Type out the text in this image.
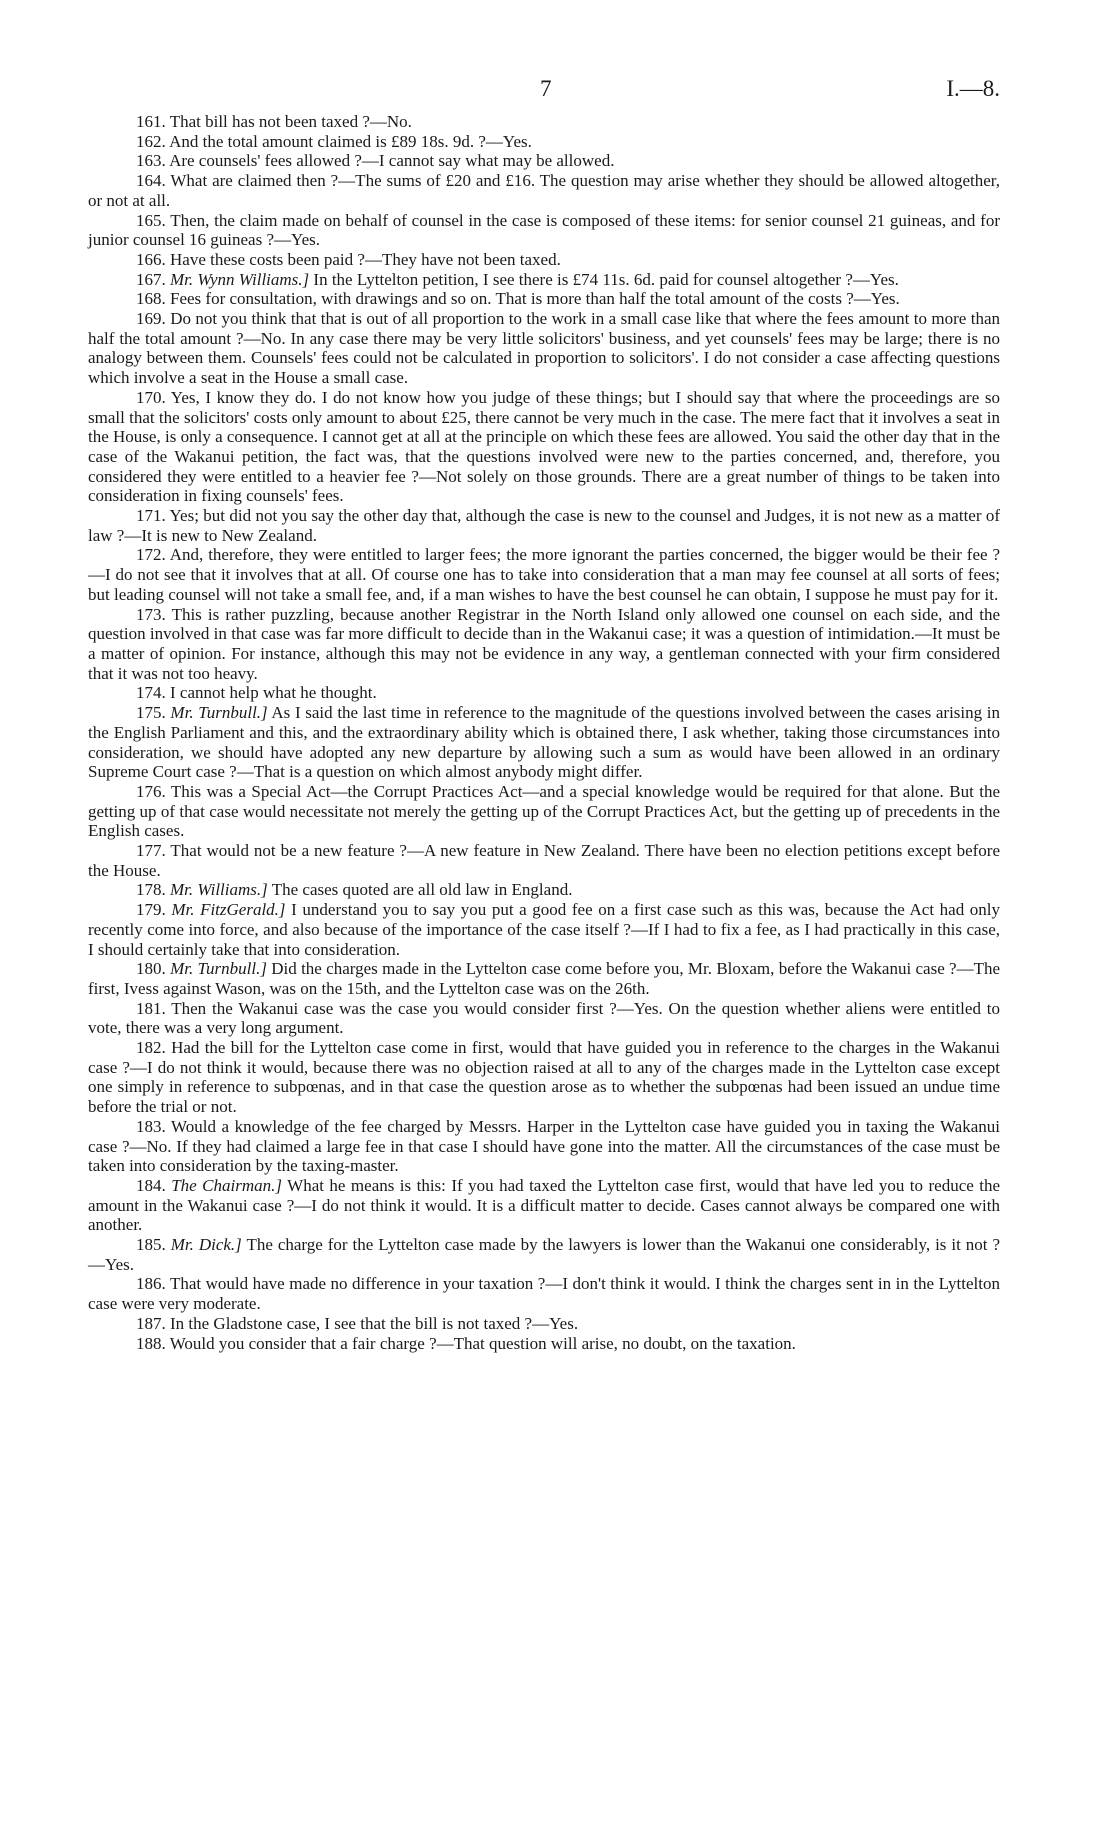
7	I.—8.

161. That bill has not been taxed ?—No.

162. And the total amount claimed is £89 18s. 9d. ?—Yes.

163. Are counsels' fees allowed ?—I cannot say what may be allowed.

164. What are claimed then ?—The sums of £20 and £16. The question may arise whether they should be allowed altogether, or not at all.

165. Then, the claim made on behalf of counsel in the case is composed of these items: for senior counsel 21 guineas, and for junior counsel 16 guineas ?—Yes.

166. Have these costs been paid ?—They have not been taxed.

167. Mr. Wynn Williams.] In the Lyttelton petition, I see there is £74 11s. 6d. paid for counsel altogether ?—Yes.

168. Fees for consultation, with drawings and so on. That is more than half the total amount of the costs ?—Yes.

169. Do not you think that that is out of all proportion to the work in a small case like that where the fees amount to more than half the total amount ?—No. In any case there may be very little solicitors' business, and yet counsels' fees may be large; there is no analogy between them. Counsels' fees could not be calculated in proportion to solicitors'. I do not consider a case affecting questions which involve a seat in the House a small case.

170. Yes, I know they do. I do not know how you judge of these things; but I should say that where the proceedings are so small that the solicitors' costs only amount to about £25, there cannot be very much in the case. The mere fact that it involves a seat in the House, is only a consequence. I cannot get at all at the principle on which these fees are allowed. You said the other day that in the case of the Wakanui petition, the fact was, that the questions involved were new to the parties concerned, and, therefore, you considered they were entitled to a heavier fee ?—Not solely on those grounds. There are a great number of things to be taken into consideration in fixing counsels' fees.

171. Yes; but did not you say the other day that, although the case is new to the counsel and Judges, it is not new as a matter of law ?—It is new to New Zealand.

172. And, therefore, they were entitled to larger fees; the more ignorant the parties concerned, the bigger would be their fee ?—I do not see that it involves that at all. Of course one has to take into consideration that a man may fee counsel at all sorts of fees; but leading counsel will not take a small fee, and, if a man wishes to have the best counsel he can obtain, I suppose he must pay for it.

173. This is rather puzzling, because another Registrar in the North Island only allowed one counsel on each side, and the question involved in that case was far more difficult to decide than in the Wakanui case; it was a question of intimidation.—It must be a matter of opinion. For instance, although this may not be evidence in any way, a gentleman connected with your firm considered that it was not too heavy.

174. I cannot help what he thought.

175. Mr. Turnbull.] As I said the last time in reference to the magnitude of the questions involved between the cases arising in the English Parliament and this, and the extraordinary ability which is obtained there, I ask whether, taking those circumstances into consideration, we should have adopted any new departure by allowing such a sum as would have been allowed in an ordinary Supreme Court case ?—That is a question on which almost anybody might differ.

176. This was a Special Act—the Corrupt Practices Act—and a special knowledge would be required for that alone. But the getting up of that case would necessitate not merely the getting up of the Corrupt Practices Act, but the getting up of precedents in the English cases.

177. That would not be a new feature ?—A new feature in New Zealand. There have been no election petitions except before the House.

178. Mr. Williams.] The cases quoted are all old law in England.

179. Mr. FitzGerald.] I understand you to say you put a good fee on a first case such as this was, because the Act had only recently come into force, and also because of the importance of the case itself ?—If I had to fix a fee, as I had practically in this case, I should certainly take that into consideration.

180. Mr. Turnbull.] Did the charges made in the Lyttelton case come before you, Mr. Bloxam, before the Wakanui case ?—The first, Ivess against Wason, was on the 15th, and the Lyttelton case was on the 26th.

181. Then the Wakanui case was the case you would consider first ?—Yes. On the question whether aliens were entitled to vote, there was a very long argument.

182. Had the bill for the Lyttelton case come in first, would that have guided you in reference to the charges in the Wakanui case ?—I do not think it would, because there was no objection raised at all to any of the charges made in the Lyttelton case except one simply in reference to subpœnas, and in that case the question arose as to whether the subpœnas had been issued an undue time before the trial or not.

183. Would a knowledge of the fee charged by Messrs. Harper in the Lyttelton case have guided you in taxing the Wakanui case ?—No. If they had claimed a large fee in that case I should have gone into the matter. All the circumstances of the case must be taken into consideration by the taxing-master.

184. The Chairman.] What he means is this: If you had taxed the Lyttelton case first, would that have led you to reduce the amount in the Wakanui case ?—I do not think it would. It is a difficult matter to decide. Cases cannot always be compared one with another.

185. Mr. Dick.] The charge for the Lyttelton case made by the lawyers is lower than the Wakanui one considerably, is it not ?—Yes.

186. That would have made no difference in your taxation ?—I don't think it would. I think the charges sent in in the Lyttelton case were very moderate.

187. In the Gladstone case, I see that the bill is not taxed ?—Yes.

188. Would you consider that a fair charge ?—That question will arise, no doubt, on the taxation.
